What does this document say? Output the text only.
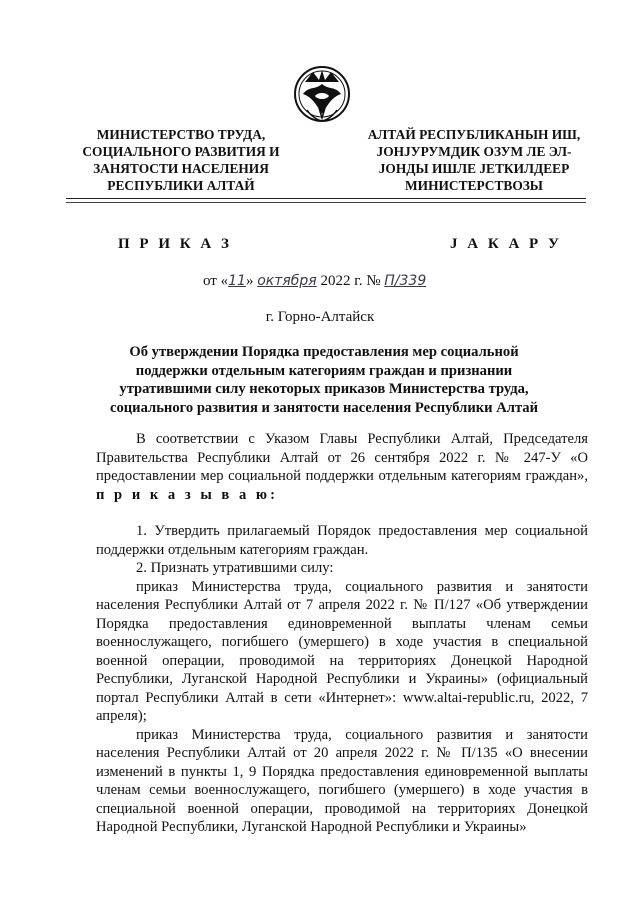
МИНИСТЕРСТВО ТРУДА,
СОЦИАЛЬНОГО РАЗВИТИЯ И
ЗАНЯТОСТИ НАСЕЛЕНИЯ
РЕСПУБЛИКИ АЛТАЙ
АЛТАЙ РЕСПУБЛИКАНЫН ИШ,
ЈОНЈУРУМДИК ОЗУМ ЛЕ ЭЛ-
ЈОНДЫ ИШЛЕ ЈЕТКИЛДЕЕР
МИНИСТЕРСТВОЗЫ
П Р И К А З	Ј А К А Р У
от «11» октября 2022 г. № П/339
г. Горно-Алтайск
Об утверждении Порядка предоставления мер социальной поддержки отдельным категориям граждан и признании утратившими силу некоторых приказов Министерства труда, социального развития и занятости населения Республики Алтай

В соответствии с Указом Главы Республики Алтай, Председателя Правительства Республики Алтай от 26 сентября 2022 г. № 247-У «О предоставлении мер социальной поддержки отдельным категориям граждан», п р и к а з ы в а ю:

1. Утвердить прилагаемый Порядок предоставления мер социальной поддержки отдельным категориям граждан.

2. Признать утратившими силу:

приказ Министерства труда, социального развития и занятости населения Республики Алтай от 7 апреля 2022 г. № П/127 «Об утверждении Порядка предоставления единовременной выплаты членам семьи военнослужащего, погибшего (умершего) в ходе участия в специальной военной операции, проводимой на территориях Донецкой Народной Республики, Луганской Народной Республики и Украины» (официальный портал Республики Алтай в сети «Интернет»: www.altai-republic.ru, 2022, 7 апреля);

приказ Министерства труда, социального развития и занятости населения Республики Алтай от 20 апреля 2022 г. № П/135 «О внесении изменений в пункты 1, 9 Порядка предоставления единовременной выплаты членам семьи военнослужащего, погибшего (умершего) в ходе участия в специальной военной операции, проводимой на территориях Донецкой Народной Республики, Луганской Народной Республики и Украины»
